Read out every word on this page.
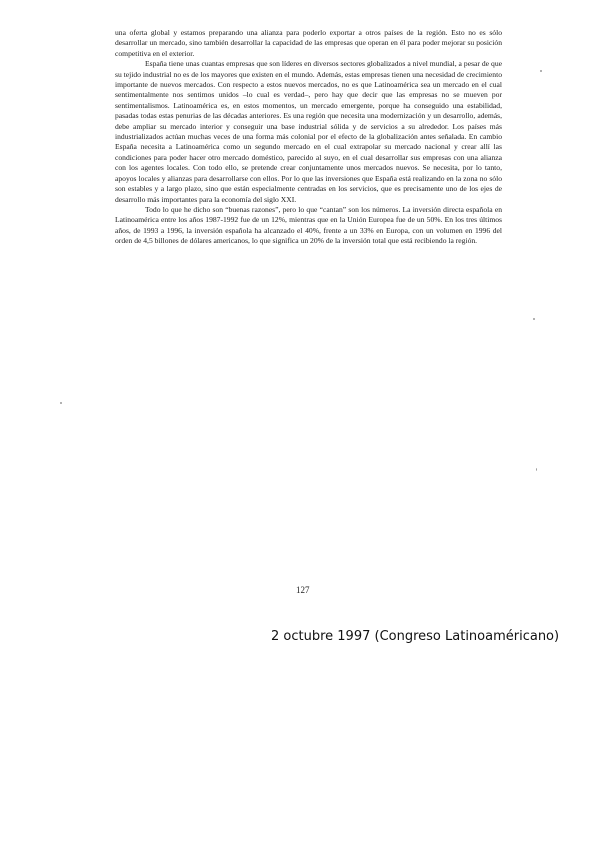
una oferta global y estamos preparando una alianza para poderlo exportar a otros países de la región. Esto no es sólo desarrollar un mercado, sino también desarrollar la capacidad de las empresas que operan en él para poder mejorar su posición competitiva en el exterior.

España tiene unas cuantas empresas que son líderes en diversos sectores globalizados a nivel mundial, a pesar de que su tejido industrial no es de los mayores que existen en el mundo. Además, estas empresas tienen una necesidad de crecimiento importante de nuevos mercados. Con respecto a estos nuevos mercados, no es que Latinoamérica sea un mercado en el cual sentimentalmente nos sentimos unidos –lo cual es verdad–, pero hay que decir que las empresas no se mueven por sentimentalismos. Latinoamérica es, en estos momentos, un mercado emergente, porque ha conseguido una estabilidad, pasadas todas estas penurias de las décadas anteriores. Es una región que necesita una modernización y un desarrollo, además, debe ampliar su mercado interior y conseguir una base industrial sólida y de servicios a su alrededor. Los países más industrializados actúan muchas veces de una forma más colonial por el efecto de la globalización antes señalada. En cambio España necesita a Latinoamérica como un segundo mercado en el cual extrapolar su mercado nacional y crear allí las condiciones para poder hacer otro mercado doméstico, parecido al suyo, en el cual desarrollar sus empresas con una alianza con los agentes locales. Con todo ello, se pretende crear conjuntamente unos mercados nuevos. Se necesita, por lo tanto, apoyos locales y alianzas para desarrollarse con ellos. Por lo que las inversiones que España está realizando en la zona no sólo son estables y a largo plazo, sino que están especialmente centradas en los servicios, que es precisamente uno de los ejes de desarrollo más importantes para la economía del siglo XXI.

Todo lo que he dicho son “buenas razones”, pero lo que “cantan” son los números. La inversión directa española en Latinoamérica entre los años 1987-1992 fue de un 12%, mientras que en la Unión Europea fue de un 50%. En los tres últimos años, de 1993 a 1996, la inversión española ha alcanzado el 40%, frente a un 33% en Europa, con un volumen en 1996 del orden de 4,5 billones de dólares americanos, lo que significa un 20% de la inversión total que está recibiendo la región.

127
2 octubre 1997 (Congreso Latinoaméricano)
